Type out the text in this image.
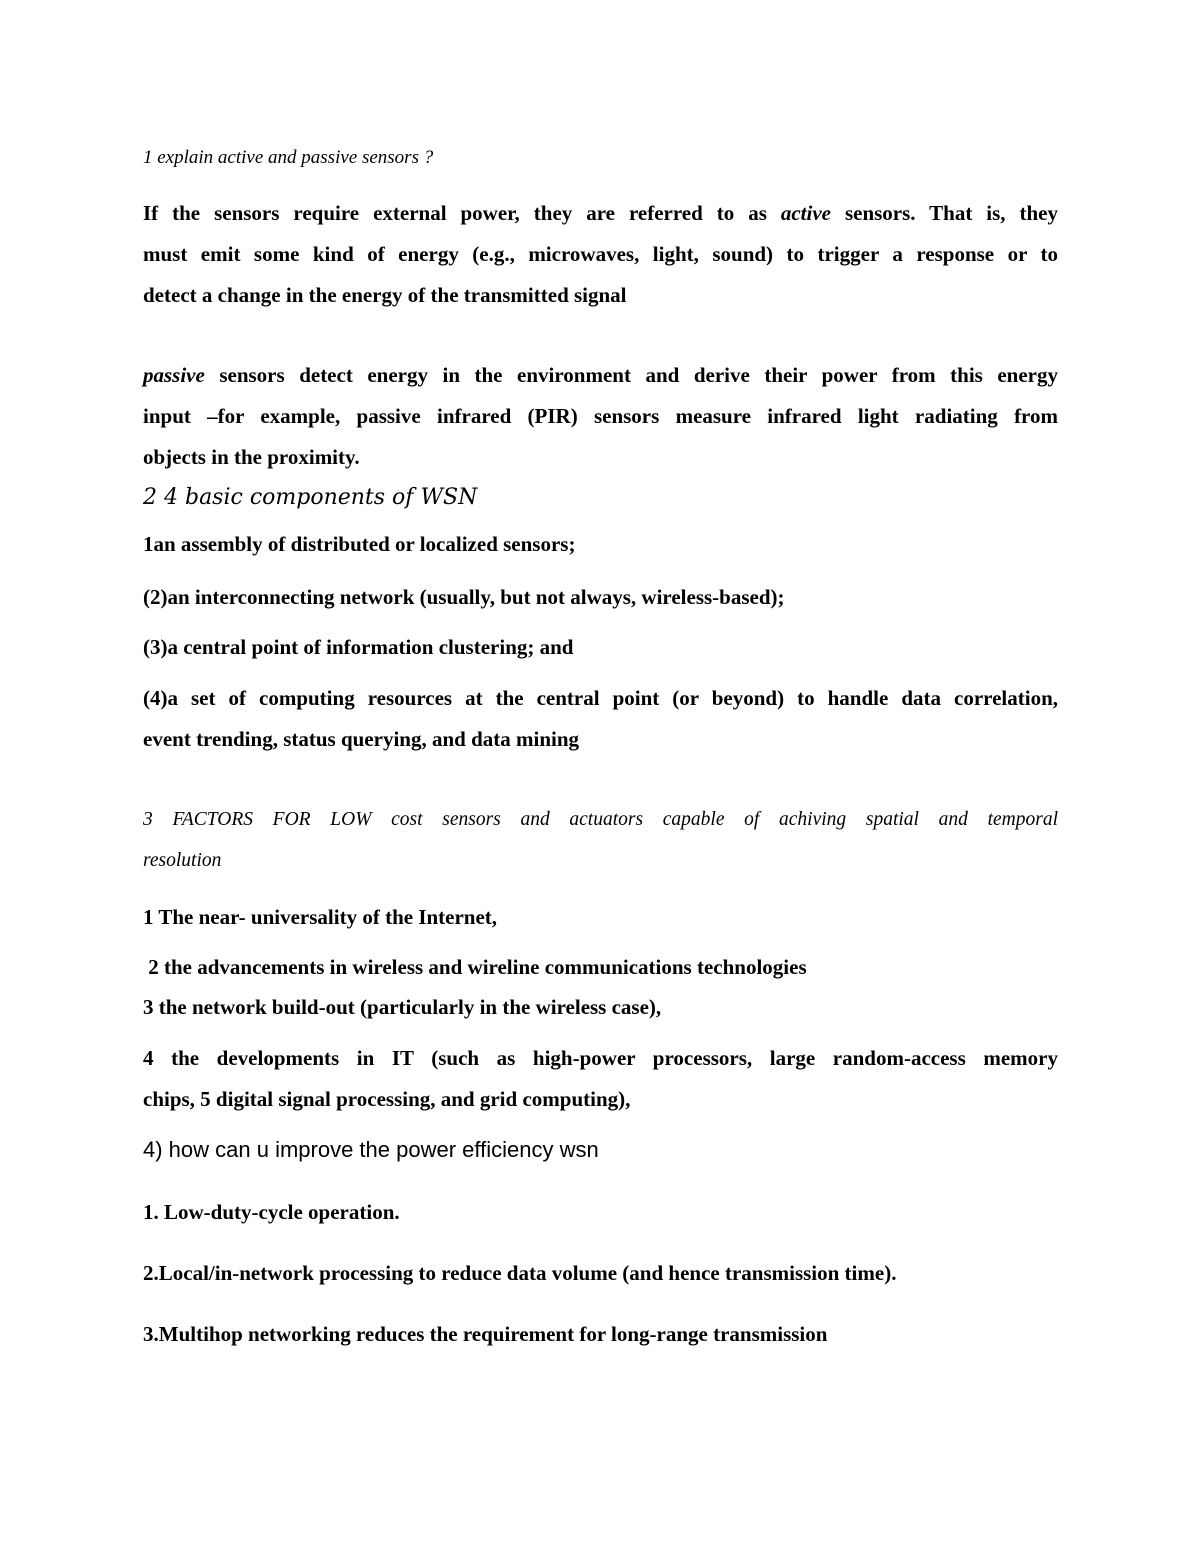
1 explain active and passive sensors ?

If the sensors require external power, they are referred to as active sensors. That is, they

must emit some kind of energy (e.g., microwaves, light, sound) to trigger a response or to

detect a change in the energy of the transmitted signal

passive sensors detect energy in the environment and derive their power from this energy

input –for example, passive infrared (PIR) sensors measure infrared light radiating from

objects in the proximity.

2 4 basic components of WSN

1an assembly of distributed or localized sensors;

(2)an interconnecting network (usually, but not always, wireless-based);

(3)a central point of information clustering; and

(4)a set of computing resources at the central point (or beyond) to handle data correlation,

event trending, status querying, and data mining

3 FACTORS FOR LOW cost sensors and actuators capable of achiving spatial and temporal

resolution

1 The near- universality of the Internet,

2 the advancements in wireless and wireline communications technologies

3 the network build-out (particularly in the wireless case),

4 the developments in IT (such as high-power processors, large random-access memory

chips, 5 digital signal processing, and grid computing),

4) how can u improve the power efficiency wsn

1. Low-duty-cycle operation.

2.Local/in-network processing to reduce data volume (and hence transmission time).

3.Multihop networking reduces the requirement for long-range transmission
